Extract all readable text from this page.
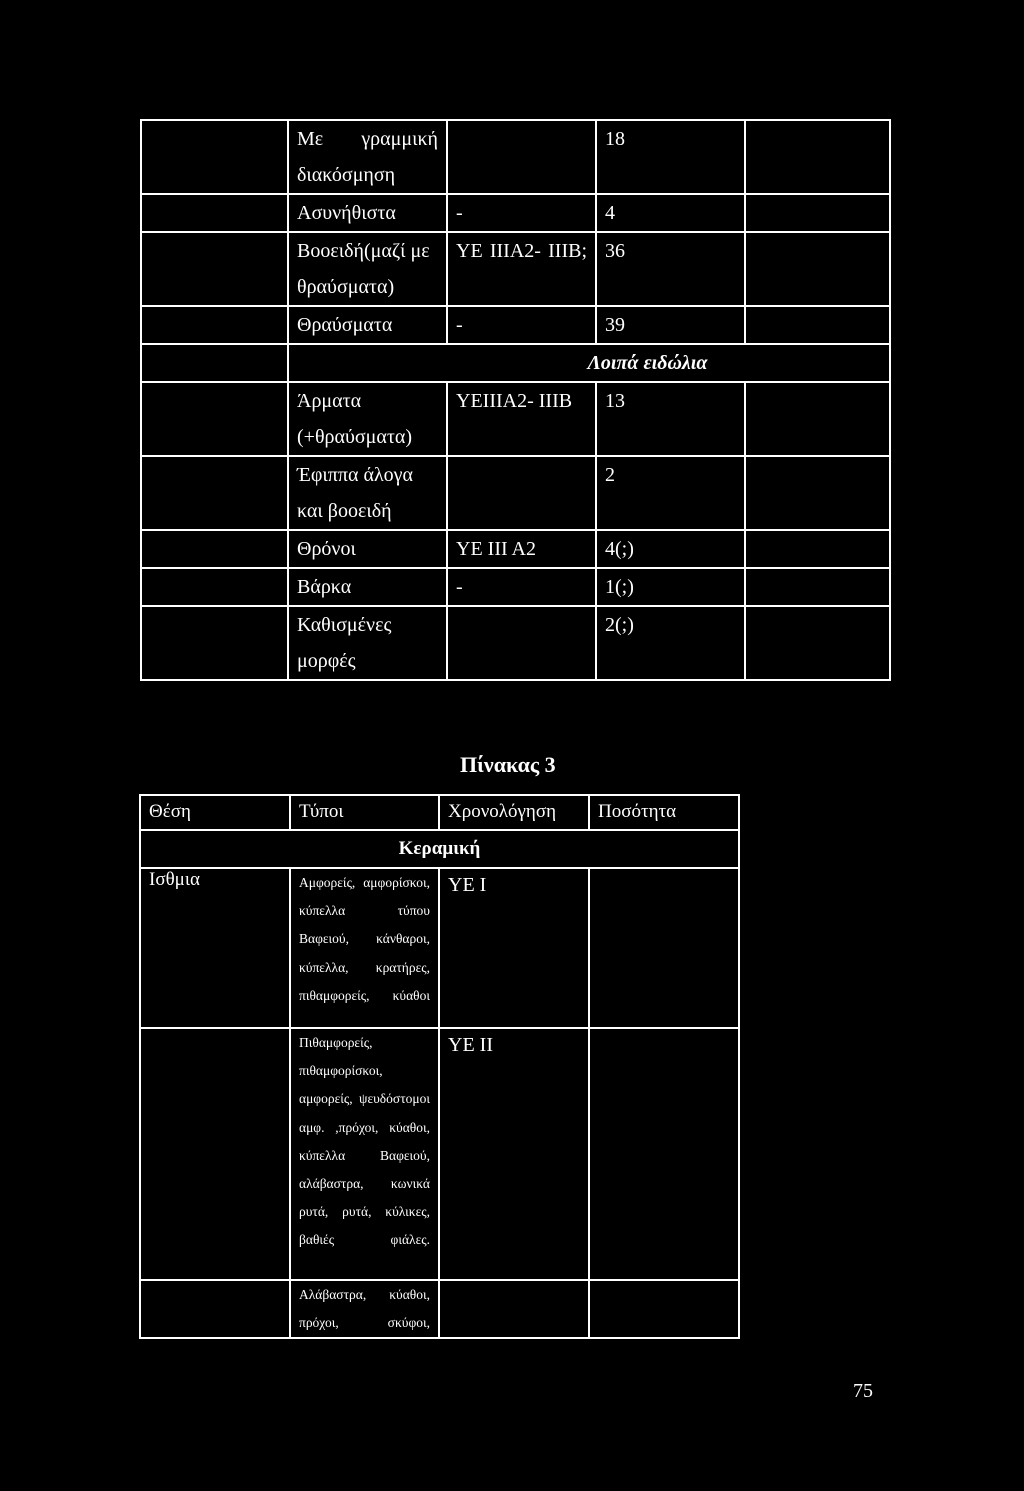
	Με γραμμική διακόσμηση		18	
	Ασυνήθιστα	-	4	
	Βοοειδή(μαζί με θραύσματα)	ΥΕ ΙΙΙΑ2- ΙΙΙΒ;	36	
	Θραύσματα	-	39	
	Λοιπά ειδώλια			
	Άρματα (+θραύσματα)	ΥΕΙΙΙΑ2- ΙΙΙΒ	13	
	Έφιππα άλογα και βοοειδή		2	
	Θρόνοι	ΥΕ ΙΙΙ Α2	4(;)	
	Βάρκα	-	1(;)	
	Καθισμένες μορφές		2(;)	
Πίνακας 3
Θέση	Τύποι	Χρονολόγηση	Ποσότητα
Κεραμική			
Ισθμια	Αμφορείς, αμφορίσκοι, κύπελλα τύπου Βαφειού, κάνθαροι, κύπελλα, κρατήρες, πιθαμφορείς, κύαθοι	ΥΕ Ι	
	Πιθαμφορείς, πιθαμφορίσκοι, αμφορείς, ψευδόστομοι αμφ. ,πρόχοι, κύαθοι, κύπελλα Βαφειού, αλάβαστρα, κωνικά ρυτά, ρυτά, κύλικες, βαθιές φιάλες.	ΥΕ ΙΙ	
	Αλάβαστρα, κύαθοι, πρόχοι, σκύφοι,		
75
